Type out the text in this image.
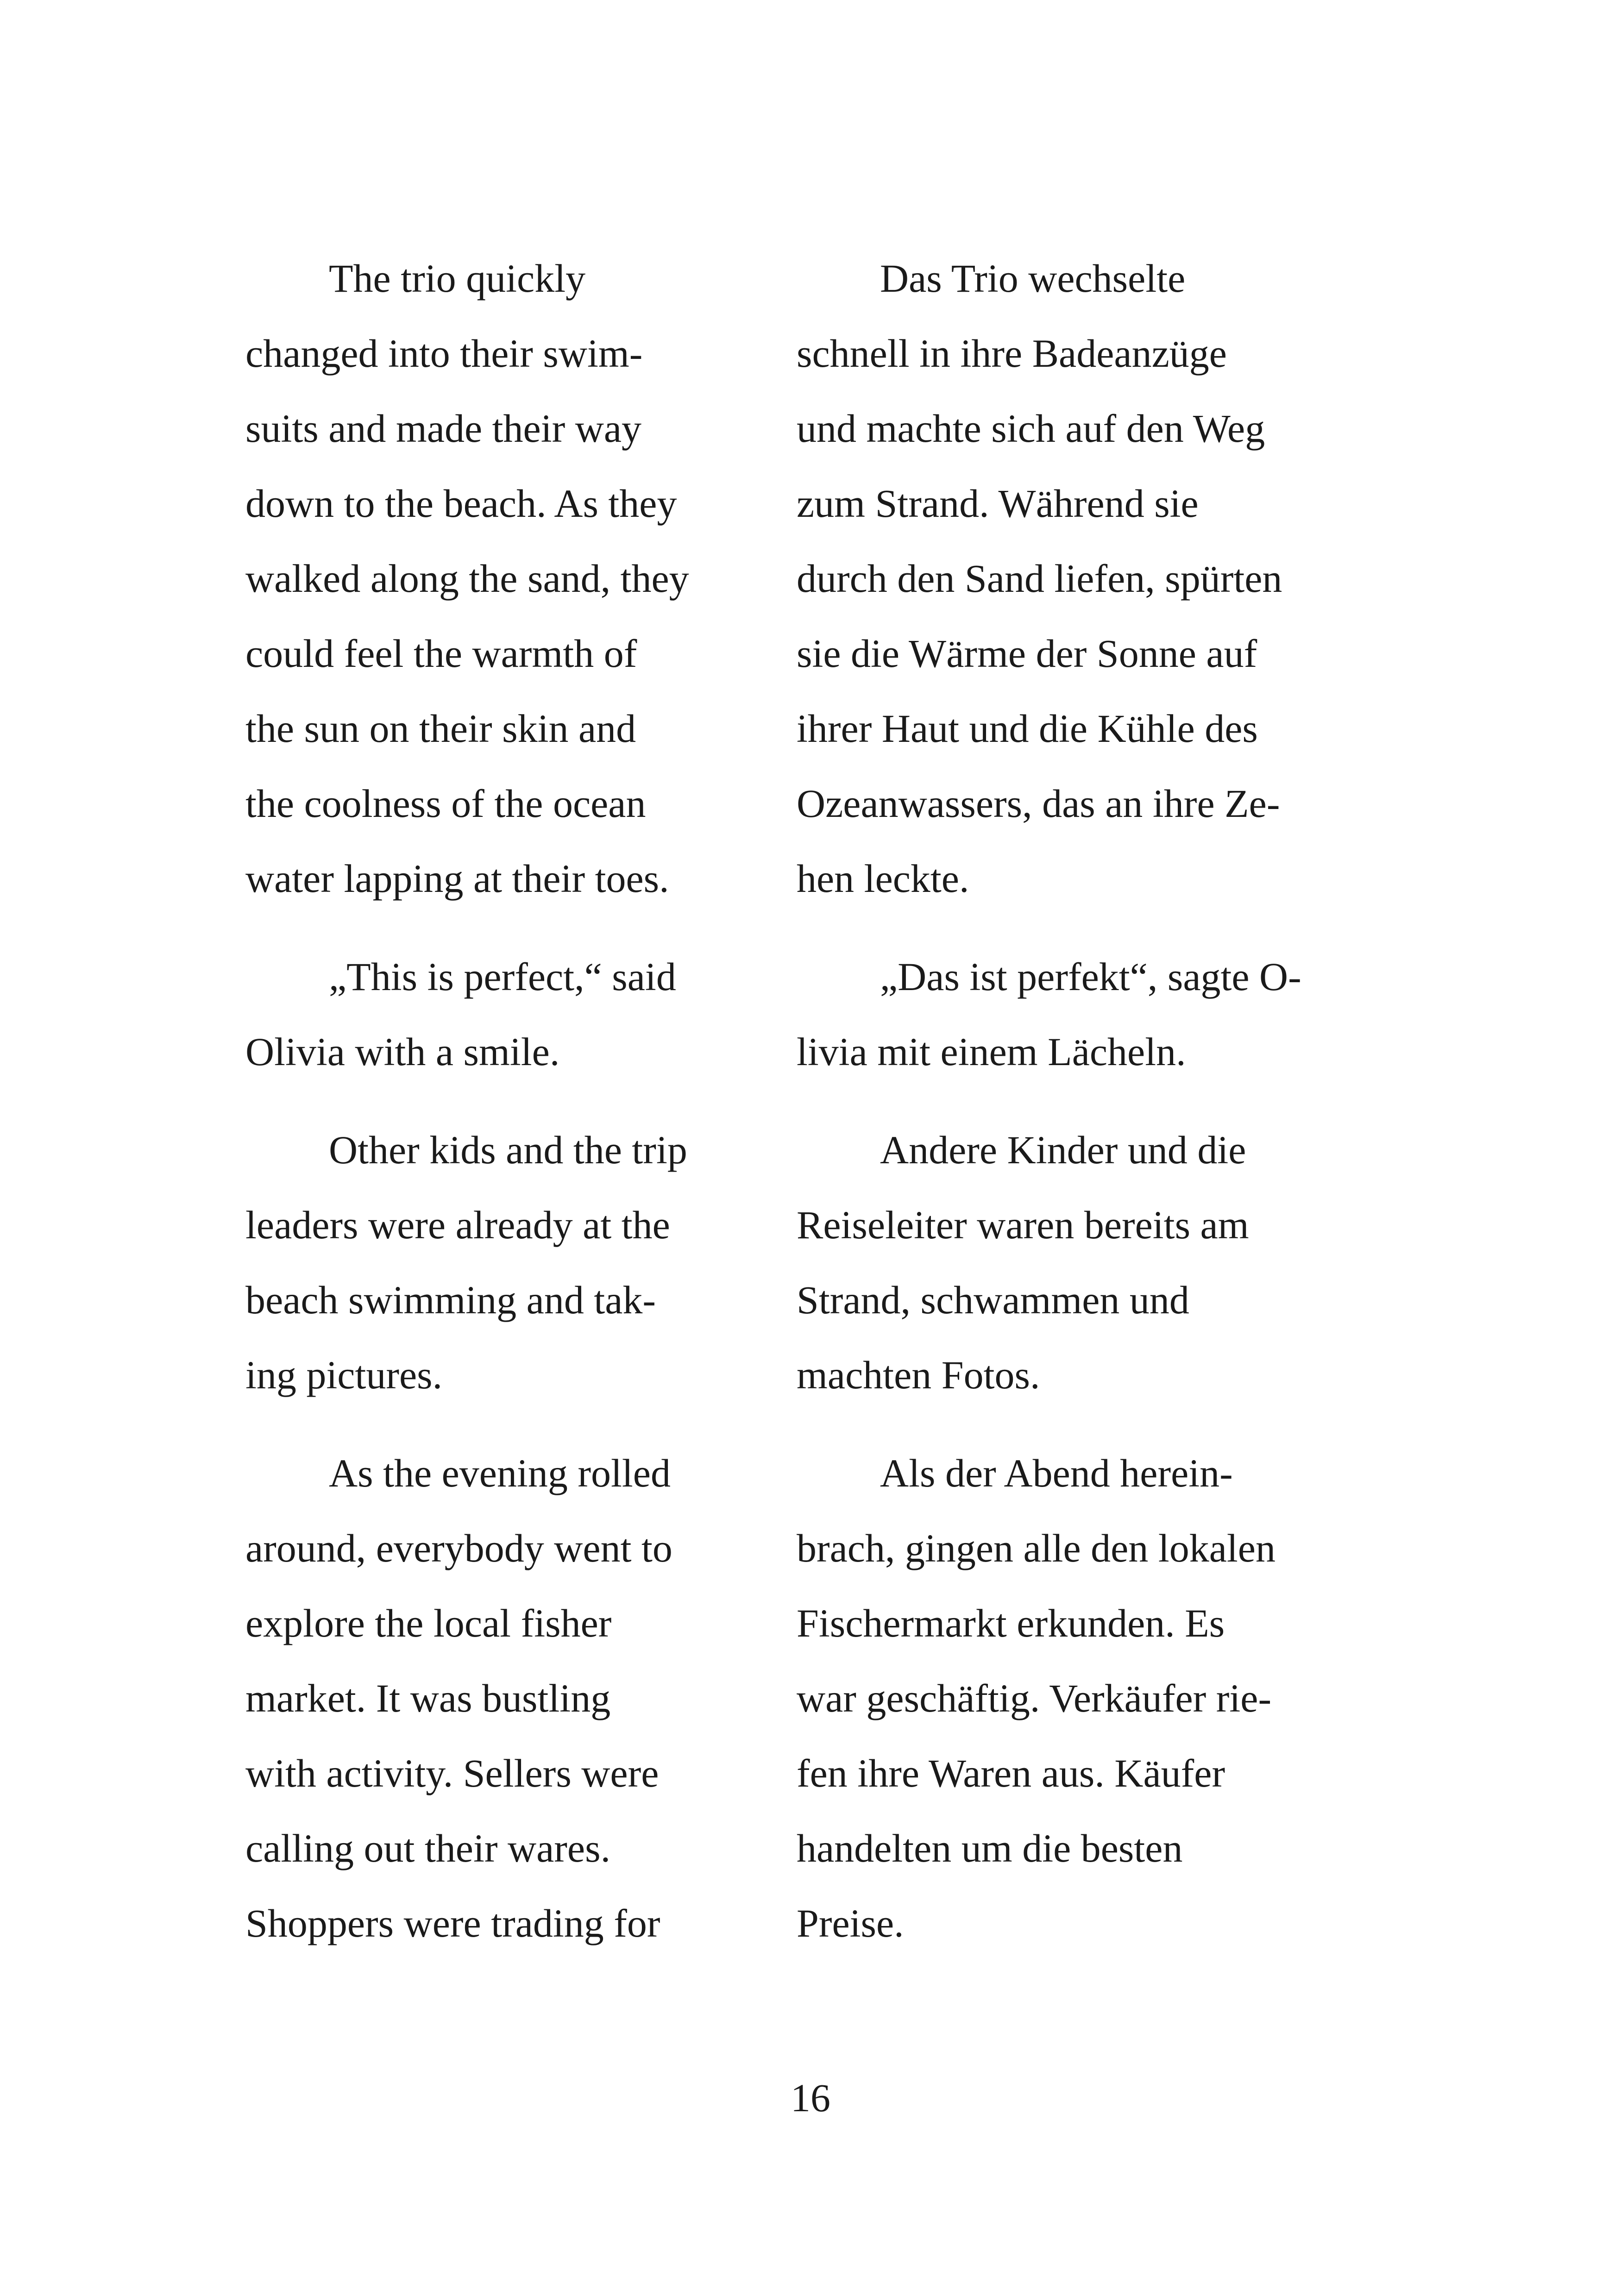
The trio quickly
changed into their swim-
suits and made their way
down to the beach. As they
walked along the sand, they
could feel the warmth of
the sun on their skin and
the coolness of the ocean
water lapping at their toes.
„This is perfect,“ said
Olivia with a smile.
Other kids and the trip
leaders were already at the
beach swimming and tak-
ing pictures.
As the evening rolled
around, everybody went to
explore the local fisher
market. It was bustling
with activity. Sellers were
calling out their wares.
Shoppers were trading for
Das Trio wechselte
schnell in ihre Badeanzüge
und machte sich auf den Weg
zum Strand. Während sie
durch den Sand liefen, spürten
sie die Wärme der Sonne auf
ihrer Haut und die Kühle des
Ozeanwassers, das an ihre Ze-
hen leckte.
„Das ist perfekt“, sagte O-
livia mit einem Lächeln.
Andere Kinder und die
Reiseleiter waren bereits am
Strand, schwammen und
machten Fotos.
Als der Abend herein-
brach, gingen alle den lokalen
Fischermarkt erkunden. Es
war geschäftig. Verkäufer rie-
fen ihre Waren aus. Käufer
handelten um die besten
Preise.
16
